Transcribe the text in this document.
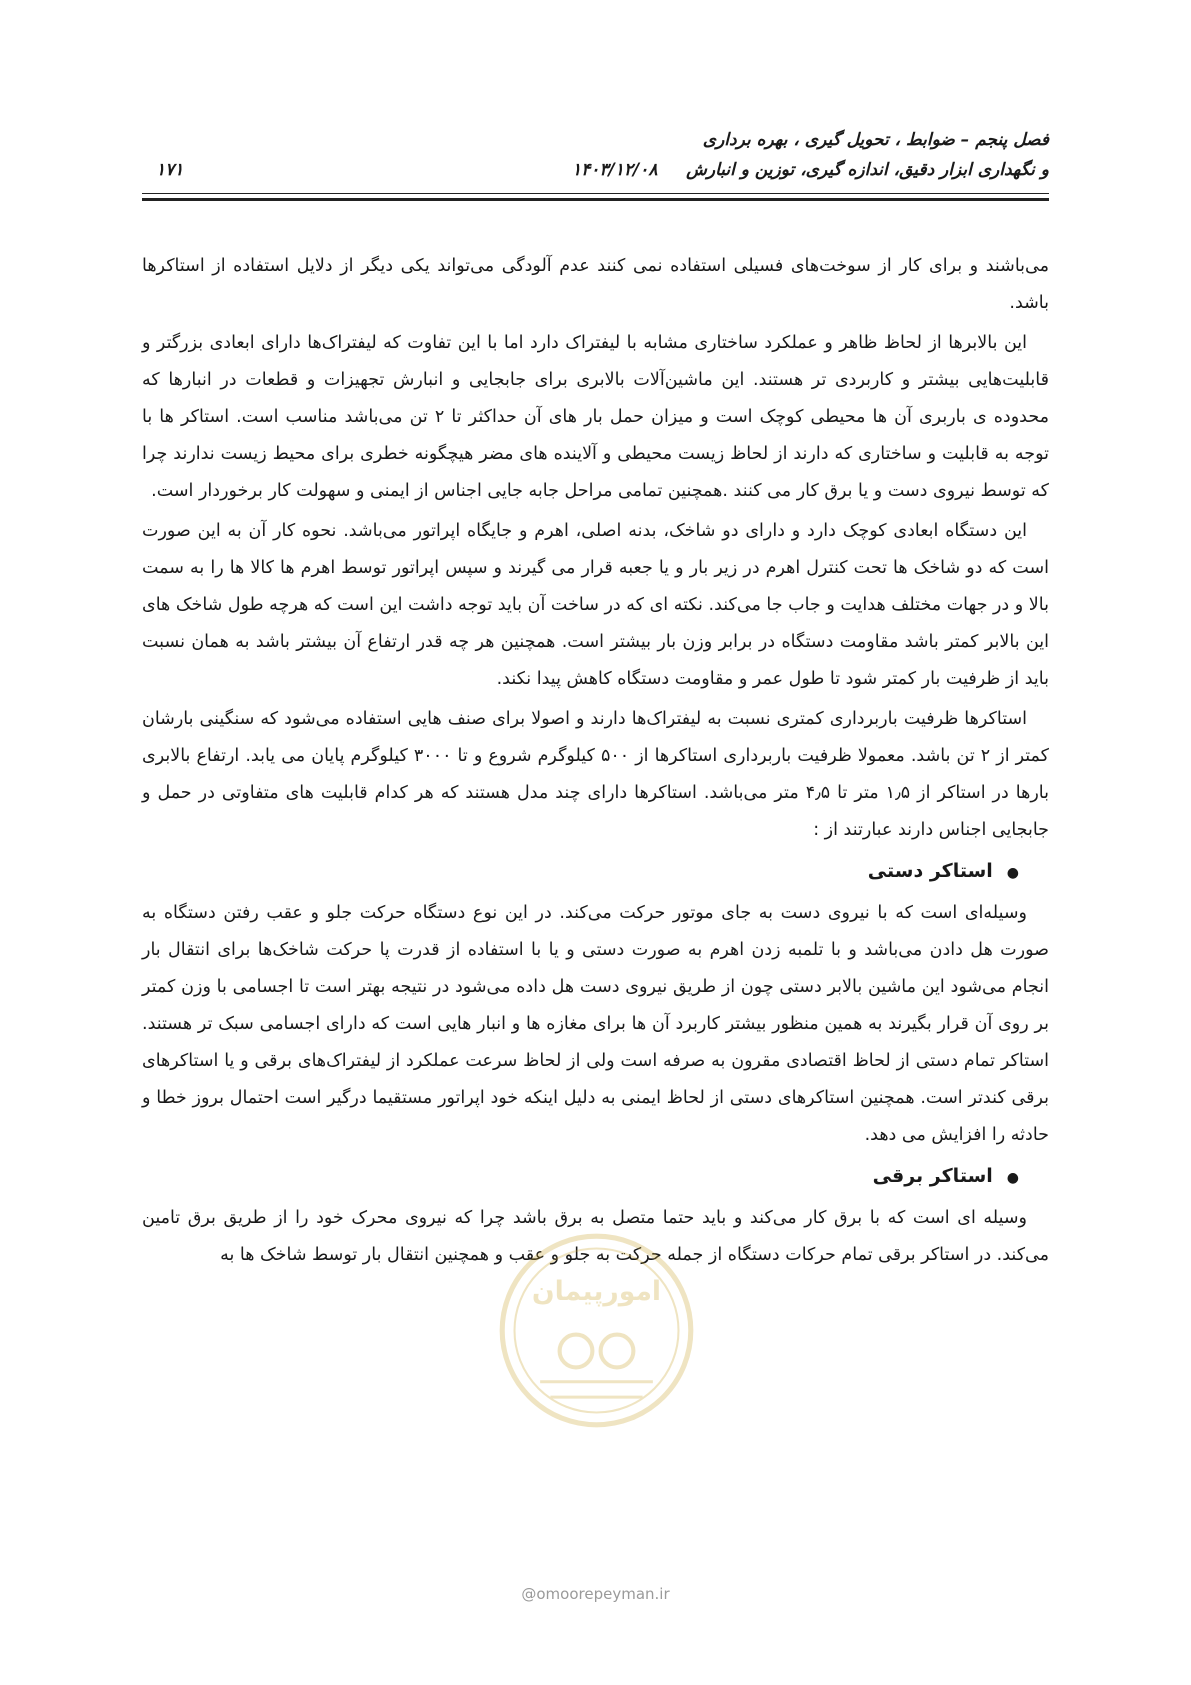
فصل پنجم – ضوابط ، تحویل گیری ، بهره برداری
و نگهداری ابزار دقیق، اندازه گیری، توزین و انبارش
۱۴۰۳/۱۲/۰۸
۱۷۱

می‌باشند و برای کار از سوخت‌های فسیلی استفاده نمی کنند عدم آلودگی می‌تواند یکی دیگر از دلایل استفاده از استاکرها باشد.

این بالابرها از لحاظ ظاهر و عملکرد ساختاری مشابه با لیفتراک دارد اما با این تفاوت که لیفتراک‌ها دارای ابعادی بزرگتر و قابلیت‌هایی بیشتر و کاربردی تر هستند. این ماشین‌آلات بالابری برای جابجایی و انبارش تجهیزات و قطعات در انبارها که محدوده ی باربری آن ها محیطی کوچک است و میزان حمل بار های آن حداکثر تا ۲ تن می‌باشد مناسب است. استاکر ها با توجه به قابلیت و ساختاری که دارند از لحاظ زیست محیطی و آلاینده های مضر هیچگونه خطری برای محیط زیست ندارند چرا که توسط نیروی دست و یا برق کار می کنند .همچنین تمامی مراحل جابه جایی اجناس از ایمنی و سهولت کار برخوردار است.

این دستگاه ابعادی کوچک دارد و دارای دو شاخک، بدنه اصلی، اهرم و جایگاه اپراتور می‌باشد. نحوه کار آن به این صورت است که دو شاخک ها تحت کنترل اهرم در زیر بار و یا جعبه قرار می گیرند و سپس اپراتور توسط اهرم ها کالا ها را به سمت بالا و در جهات مختلف هدایت و جاب جا می‌کند. نکته ای که در ساخت آن باید توجه داشت این است که هرچه طول شاخک های این بالابر کمتر باشد مقاومت دستگاه در برابر وزن بار بیشتر است. همچنین هر چه قدر ارتفاع آن بیشتر باشد به همان نسبت باید از ظرفیت بار کمتر شود تا طول عمر و مقاومت دستگاه کاهش پیدا نکند.

استاکرها ظرفیت باربرداری کمتری نسبت به لیفتراک‌ها دارند و اصولا برای صنف هایی استفاده می‌شود که سنگینی بارشان کمتر از ۲ تن باشد. معمولا ظرفیت باربرداری استاکرها از ۵۰۰ کیلوگرم شروع و تا ۳۰۰۰ کیلوگرم پایان می یابد. ارتفاع بالابری بارها در استاکر از ۱٫۵ متر تا ۴٫۵ متر می‌باشد. استاکرها دارای چند مدل هستند که هر کدام قابلیت های متفاوتی در حمل و جابجایی اجناس دارند عبارتند از :

●استاکر دستی

وسیله‌ای است که با نیروی دست به جای موتور حرکت می‌کند. در این نوع دستگاه حرکت جلو و عقب رفتن دستگاه به صورت هل دادن می‌باشد و با تلمبه زدن اهرم به صورت دستی و یا با استفاده از قدرت پا حرکت شاخک‌ها برای انتقال بار انجام می‌شود این ماشین بالابر دستی چون از طریق نیروی دست هل داده می‌شود در نتیجه بهتر است تا اجسامی با وزن کمتر بر روی آن قرار بگیرند به همین منظور بیشتر کاربرد آن ها برای مغازه ها و انبار هایی است که دارای اجسامی سبک تر هستند. استاکر تمام دستی از لحاظ اقتصادی مقرون به صرفه است ولی از لحاظ سرعت عملکرد از لیفتراک‌های برقی و یا استاکرهای برقی کندتر است. همچنین استاکرهای دستی از لحاظ ایمنی به دلیل اینکه خود اپراتور مستقیما درگیر است احتمال بروز خطا و حادثه را افزایش می دهد.

●استاکر برقی

وسیله ای است که با برق کار می‌کند و باید حتما متصل به برق باشد چرا که نیروی محرک خود را از طریق برق تامین می‌کند. در استاکر برقی تمام حرکات دستگاه از جمله حرکت به جلو و عقب و همچنین انتقال بار توسط شاخک ها به

امورپیمان
@omoorepeyman.ir
